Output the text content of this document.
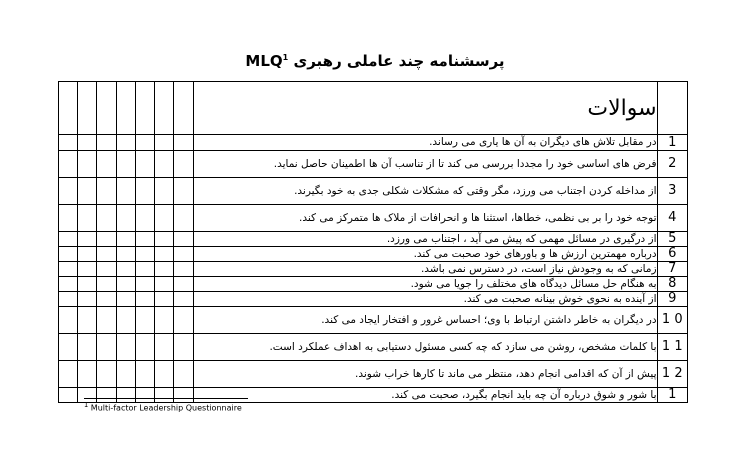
پرسشنامه چند عاملی رهبری MLQ$^1$
							سوالات	
							در مقابل تلاش های دیگران به آن ها یاری می رساند.	1
							فرض های اساسی خود را مجددا بررسی می کند تا از تناسب آن ها اطمینان حاصل نماید.	2
							از مداخله کردن اجتناب می ورزد، مگر وقتی که مشکلات شکلی جدی به خود بگیرند.	3
							توجه خود را بر بی نظمی، خطاها، استثنا ها و انحرافات از ملاک ها متمرکز می کند.	4
							از درگیری در مسائل مهمی که پیش می آید ، اجتناب می ورزد.	5
							درباره مهمترین ارزش ها و باورهای خود صحبت می کند.	6
							زمانی که به وجودش نیاز است، در دسترس نمی باشد.	7
							به هنگام حل مسائل دیدگاه های مختلف را جویا می شود.	8
							از آینده به نحوی خوش بینانه صحبت می کند.	9
							در دیگران به خاطر داشتن ارتباط با وی؛ احساس غرور و افتخار ایجاد می کند.	1 0
							با کلمات مشخص، روشن می سازد که چه کسی مسئول دستیابی به اهداف عملکرد است.	1 1
							پیش از آن که اقدامی انجام دهد، منتظر می ماند تا کارها خراب شوند.	1 2
							با شور و شوق درباره آن چه باید انجام بگیرد، صحبت می کند.	1
$^1$ Multi-factor Leadership Questionnaire
